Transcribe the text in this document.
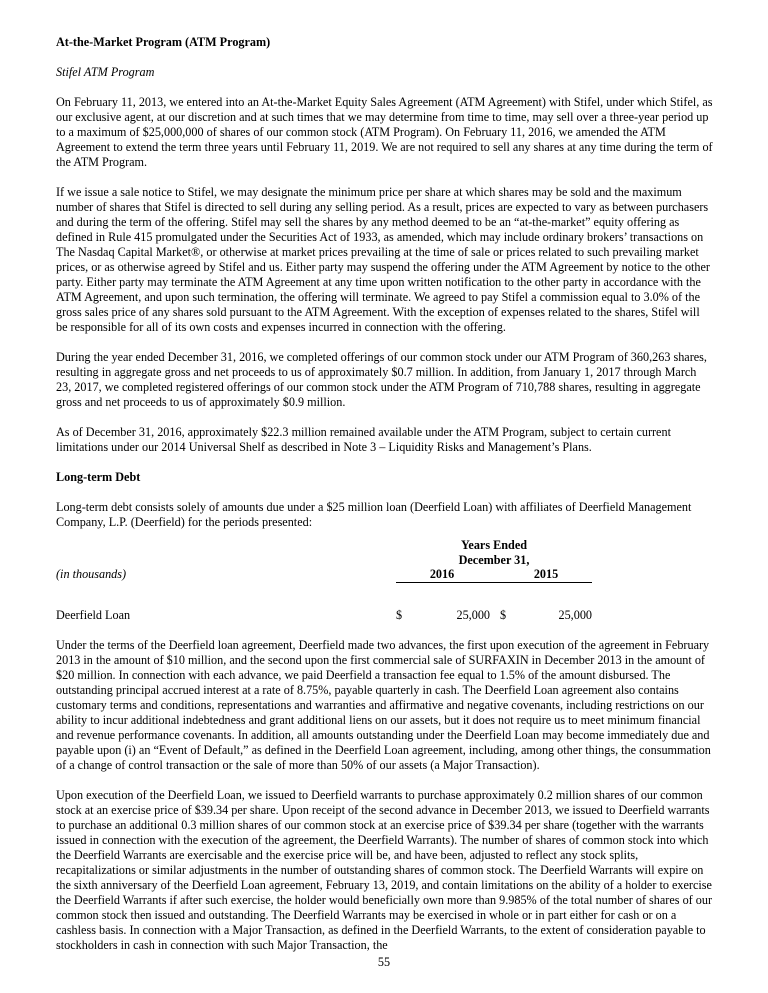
At-the-Market Program (ATM Program)

Stifel ATM Program

On February 11, 2013, we entered into an At-the-Market Equity Sales Agreement (ATM Agreement) with Stifel, under which Stifel, as our exclusive agent, at our discretion and at such times that we may determine from time to time, may sell over a three-year period up to a maximum of $25,000,000 of shares of our common stock (ATM Program). On February 11, 2016, we amended the ATM Agreement to extend the term three years until February 11, 2019. We are not required to sell any shares at any time during the term of the ATM Program.

If we issue a sale notice to Stifel, we may designate the minimum price per share at which shares may be sold and the maximum number of shares that Stifel is directed to sell during any selling period. As a result, prices are expected to vary as between purchasers and during the term of the offering. Stifel may sell the shares by any method deemed to be an “at-the-market” equity offering as defined in Rule 415 promulgated under the Securities Act of 1933, as amended, which may include ordinary brokers’ transactions on The Nasdaq Capital Market®, or otherwise at market prices prevailing at the time of sale or prices related to such prevailing market prices, or as otherwise agreed by Stifel and us. Either party may suspend the offering under the ATM Agreement by notice to the other party. Either party may terminate the ATM Agreement at any time upon written notification to the other party in accordance with the ATM Agreement, and upon such termination, the offering will terminate. We agreed to pay Stifel a commission equal to 3.0% of the gross sales price of any shares sold pursuant to the ATM Agreement. With the exception of expenses related to the shares, Stifel will be responsible for all of its own costs and expenses incurred in connection with the offering.

During the year ended December 31, 2016, we completed offerings of our common stock under our ATM Program of 360,263 shares, resulting in aggregate gross and net proceeds to us of approximately $0.7 million. In addition, from January 1, 2017 through March 23, 2017, we completed registered offerings of our common stock under the ATM Program of 710,788 shares, resulting in aggregate gross and net proceeds to us of approximately $0.9 million.

As of December 31, 2016, approximately $22.3 million remained available under the ATM Program, subject to certain current limitations under our 2014 Universal Shelf as described in Note 3 – Liquidity Risks and Management’s Plans.

Long-term Debt

Long-term debt consists solely of amounts due under a $25 million loan (Deerfield Loan) with affiliates of Deerfield Management Company, L.P. (Deerfield) for the periods presented:

Years Ended
December 31,
(in thousands)	2016	2015
Deerfield Loan	$	25,000 $	25,000

Under the terms of the Deerfield loan agreement, Deerfield made two advances, the first upon execution of the agreement in February 2013 in the amount of $10 million, and the second upon the first commercial sale of SURFAXIN in December 2013 in the amount of $20 million. In connection with each advance, we paid Deerfield a transaction fee equal to 1.5% of the amount disbursed. The outstanding principal accrued interest at a rate of 8.75%, payable quarterly in cash. The Deerfield Loan agreement also contains customary terms and conditions, representations and warranties and affirmative and negative covenants, including restrictions on our ability to incur additional indebtedness and grant additional liens on our assets, but it does not require us to meet minimum financial and revenue performance covenants. In addition, all amounts outstanding under the Deerfield Loan may become immediately due and payable upon (i) an “Event of Default,” as defined in the Deerfield Loan agreement, including, among other things, the consummation of a change of control transaction or the sale of more than 50% of our assets (a Major Transaction).

Upon execution of the Deerfield Loan, we issued to Deerfield warrants to purchase approximately 0.2 million shares of our common stock at an exercise price of $39.34 per share. Upon receipt of the second advance in December 2013, we issued to Deerfield warrants to purchase an additional 0.3 million shares of our common stock at an exercise price of $39.34 per share (together with the warrants issued in connection with the execution of the agreement, the Deerfield Warrants). The number of shares of common stock into which the Deerfield Warrants are exercisable and the exercise price will be, and have been, adjusted to reflect any stock splits, recapitalizations or similar adjustments in the number of outstanding shares of common stock. The Deerfield Warrants will expire on the sixth anniversary of the Deerfield Loan agreement, February 13, 2019, and contain limitations on the ability of a holder to exercise the Deerfield Warrants if after such exercise, the holder would beneficially own more than 9.985% of the total number of shares of our common stock then issued and outstanding. The Deerfield Warrants may be exercised in whole or in part either for cash or on a cashless basis. In connection with a Major Transaction, as defined in the Deerfield Warrants, to the extent of consideration payable to stockholders in cash in connection with such Major Transaction, the

55
